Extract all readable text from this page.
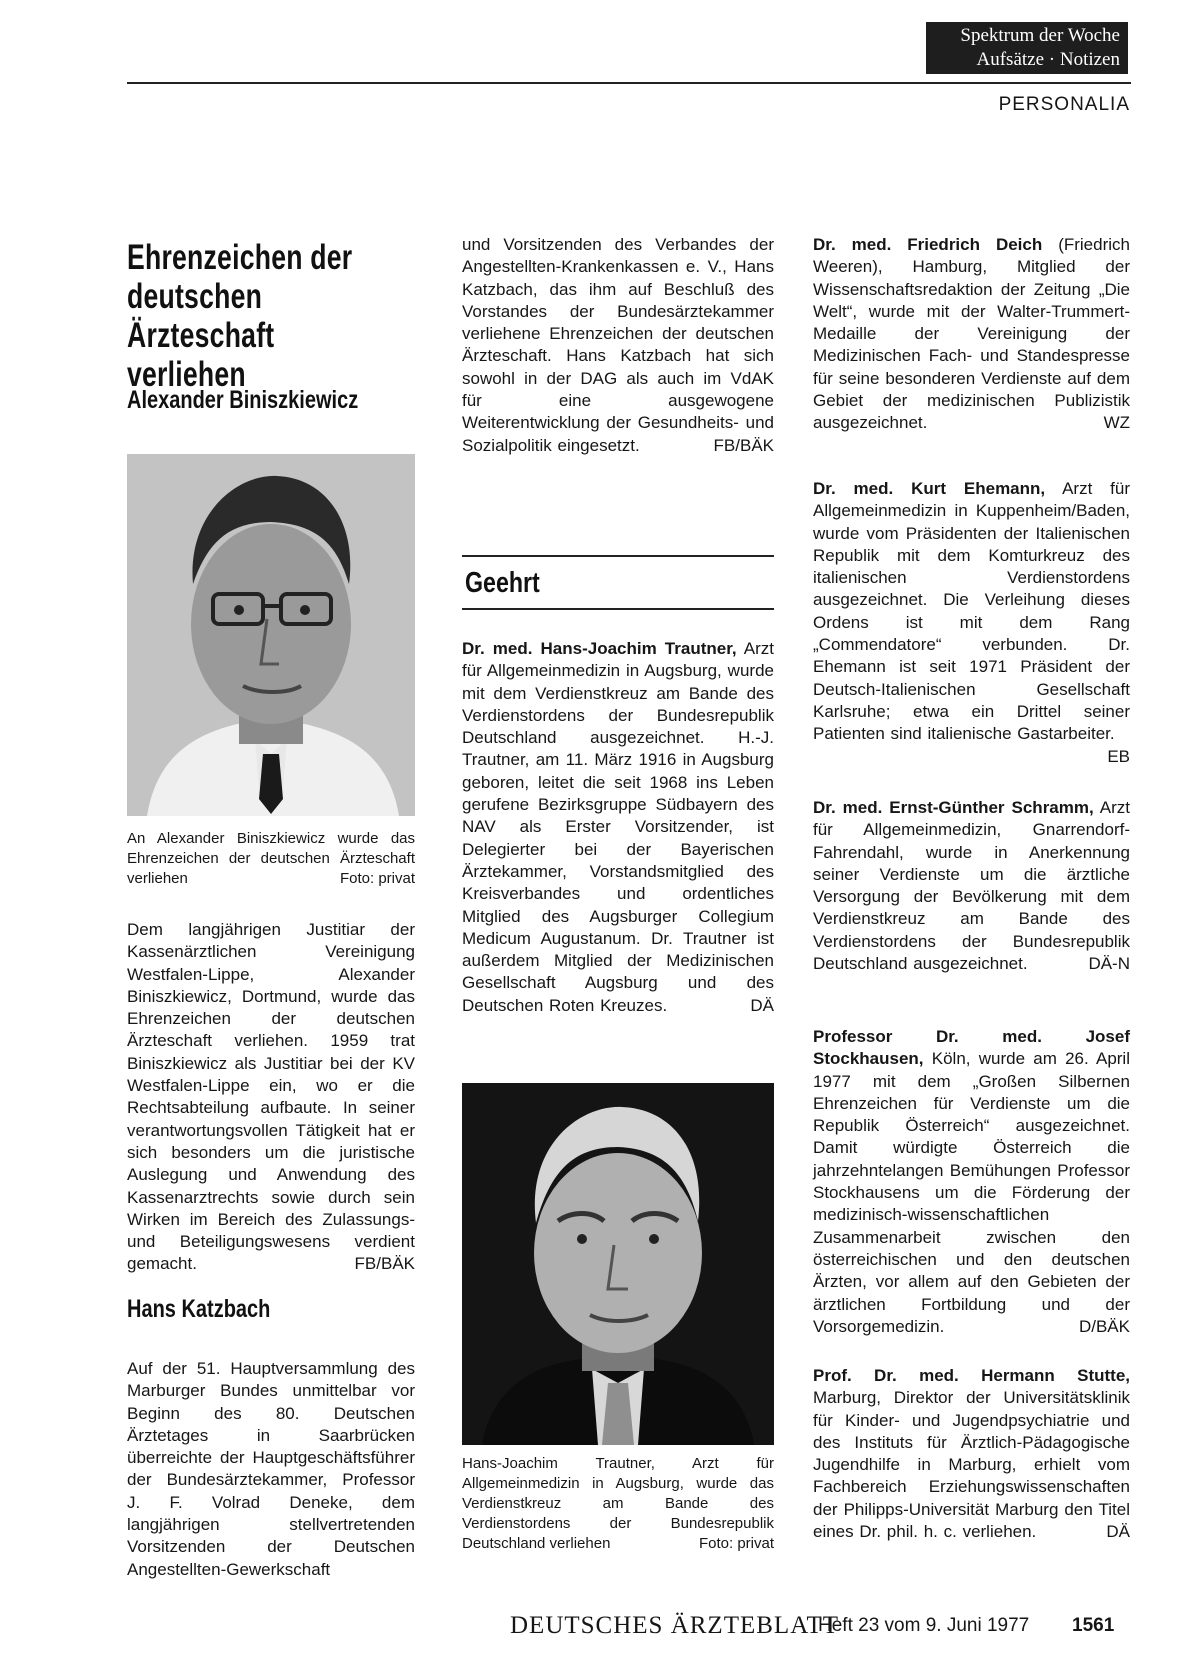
Spektrum der Woche
Aufsätze · Notizen
PERSONALIA
Ehrenzeichen der deutschen Ärzteschaft verliehen
Alexander Biniszkiewicz
An Alexander Biniszkiewicz wurde das Ehrenzeichen der deutschen Ärzteschaft verliehen	Foto: privat
Dem langjährigen Justitiar der Kassenärztlichen Vereinigung Westfalen-Lippe, Alexander Biniszkiewicz, Dortmund, wurde das Ehrenzeichen der deutschen Ärzteschaft verliehen. 1959 trat Biniszkiewicz als Justitiar bei der KV Westfalen-Lippe ein, wo er die Rechtsabteilung aufbaute. In seiner verantwortungsvollen Tätigkeit hat er sich besonders um die juristische Auslegung und Anwendung des Kassenarztrechts sowie durch sein Wirken im Bereich des Zulassungs- und Beteiligungswesens verdient gemacht.	FB/BÄK
Hans Katzbach
Auf der 51. Hauptversammlung des Marburger Bundes unmittelbar vor Beginn des 80. Deutschen Ärztetages in Saarbrücken überreichte der Hauptgeschäftsführer der Bundesärztekammer, Professor J. F. Volrad Deneke, dem langjährigen stellvertretenden Vorsitzenden der Deutschen Angestellten-Gewerkschaft
und Vorsitzenden des Verbandes der Angestellten-Krankenkassen e. V., Hans Katzbach, das ihm auf Beschluß des Vorstandes der Bundesärztekammer verliehene Ehrenzeichen der deutschen Ärzteschaft. Hans Katzbach hat sich sowohl in der DAG als auch im VdAK für eine ausgewogene Weiterentwicklung der Gesundheits- und Sozialpolitik eingesetzt.	FB/BÄK
Geehrt
Dr. med. Hans-Joachim Trautner, Arzt für Allgemeinmedizin in Augsburg, wurde mit dem Verdienstkreuz am Bande des Verdienstordens der Bundesrepublik Deutschland ausgezeichnet. H.-J. Trautner, am 11. März 1916 in Augsburg geboren, leitet die seit 1968 ins Leben gerufene Bezirksgruppe Südbayern des NAV als Erster Vorsitzender, ist Delegierter bei der Bayerischen Ärztekammer, Vorstandsmitglied des Kreisverbandes und ordentliches Mitglied des Augsburger Collegium Medicum Augustanum. Dr. Trautner ist außerdem Mitglied der Medizinischen Gesellschaft Augsburg und des Deutschen Roten Kreuzes.	DÄ
Hans-Joachim Trautner, Arzt für Allgemeinmedizin in Augsburg, wurde das Verdienstkreuz am Bande des Verdienstordens der Bundesrepublik Deutschland verliehen	Foto: privat
Dr. med. Friedrich Deich (Friedrich Weeren), Hamburg, Mitglied der Wissenschaftsredaktion der Zeitung „Die Welt“, wurde mit der Walter-Trummert-Medaille der Vereinigung der Medizinischen Fach- und Standespresse für seine besonderen Verdienste auf dem Gebiet der medizinischen Publizistik ausgezeichnet.	WZ
Dr. med. Kurt Ehemann, Arzt für Allgemeinmedizin in Kuppenheim/Baden, wurde vom Präsidenten der Italienischen Republik mit dem Komturkreuz des italienischen Verdienstordens ausgezeichnet. Die Verleihung dieses Ordens ist mit dem Rang „Commendatore“ verbunden. Dr. Ehemann ist seit 1971 Präsident der Deutsch-Italienischen Gesellschaft Karlsruhe; etwa ein Drittel seiner Patienten sind italienische Gastarbeiter.
EB
Dr. med. Ernst-Günther Schramm, Arzt für Allgemeinmedizin, Gnarrendorf-Fahrendahl, wurde in Anerkennung seiner Verdienste um die ärztliche Versorgung der Bevölkerung mit dem Verdienstkreuz am Bande des Verdienstordens der Bundesrepublik Deutschland ausgezeichnet.	DÄ-N
Professor Dr. med. Josef Stockhausen, Köln, wurde am 26. April 1977 mit dem „Großen Silbernen Ehrenzeichen für Verdienste um die Republik Österreich“ ausgezeichnet. Damit würdigte Österreich die jahrzehntelangen Bemühungen Professor Stockhausens um die Förderung der medizinisch-wissenschaftlichen Zusammenarbeit zwischen den österreichischen und den deutschen Ärzten, vor allem auf den Gebieten der ärztlichen Fortbildung und der Vorsorgemedizin.	D/BÄK
Prof. Dr. med. Hermann Stutte, Marburg, Direktor der Universitätsklinik für Kinder- und Jugendpsychiatrie und des Instituts für Ärztlich-Pädagogische Jugendhilfe in Marburg, erhielt vom Fachbereich Erziehungswissenschaften der Philipps-Universität Marburg den Titel eines Dr. phil. h. c. verliehen.	DÄ
DEUTSCHES ÄRZTEBLATT
Heft 23 vom 9. Juni 1977 1561
